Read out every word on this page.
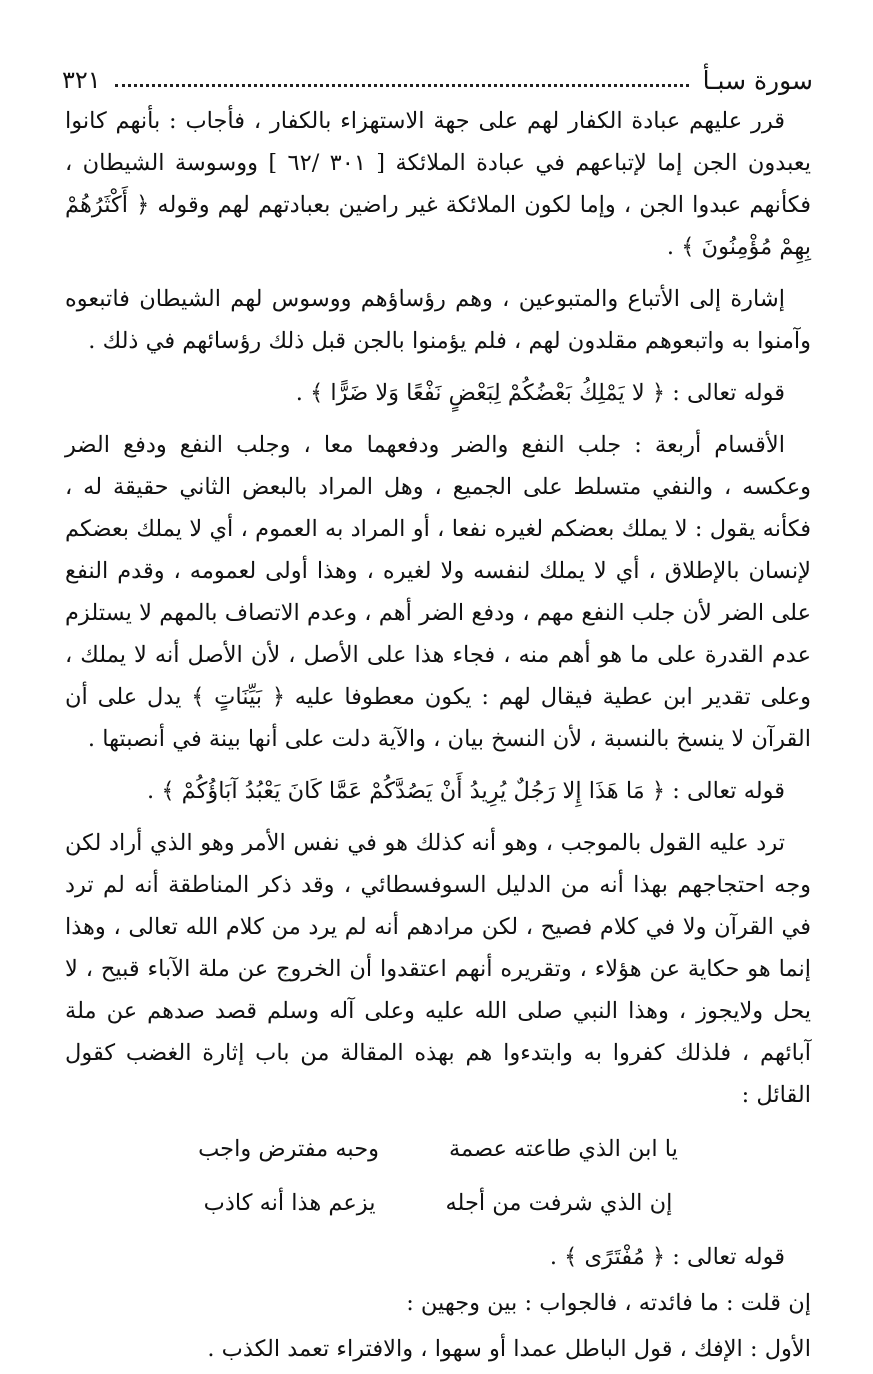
سورة سبـأ
٣٢١

قرر عليهم عبادة الكفار لهم على جهة الاستهزاء بالكفار ، فأجاب : بأنهم كانوا يعبدون الجن إما لإتباعهم في عبادة الملائكة [ ٣٠١ /٦٢ ] ووسوسة الشيطان ، فكأنهم عبدوا الجن ، وإما لكون الملائكة غير راضين بعبادتهم لهم وقوله ﴿ أَكْثَرُهُمْ بِهِمْ مُؤْمِنُونَ ﴾ .

إشارة إلى الأتباع والمتبوعين ، وهم رؤساؤهم ووسوس لهم الشيطان فاتبعوه وآمنوا به واتبعوهم مقلدون لهم ، فلم يؤمنوا بالجن قبل ذلك رؤسائهم في ذلك .

قوله تعالى : ﴿ لا يَمْلِكُ بَعْضُكُمْ لِبَعْضٍ نَفْعًا وَلا ضَرًّا ﴾ .

الأقسام أربعة : جلب النفع والضر ودفعهما معا ، وجلب النفع ودفع الضر وعكسه ، والنفي متسلط على الجميع ، وهل المراد بالبعض الثاني حقيقة له ، فكأنه يقول : لا يملك بعضكم لغيره نفعا ، أو المراد به العموم ، أي لا يملك بعضكم لإنسان بالإطلاق ، أي لا يملك لنفسه ولا لغيره ، وهذا أولى لعمومه ، وقدم النفع على الضر لأن جلب النفع مهم ، ودفع الضر أهم ، وعدم الاتصاف بالمهم لا يستلزم عدم القدرة على ما هو أهم منه ، فجاء هذا على الأصل ، لأن الأصل أنه لا يملك ، وعلى تقدير ابن عطية فيقال لهم : يكون معطوفا عليه ﴿ بَيِّنَاتٍ ﴾ يدل على أن القرآن لا ينسخ بالنسبة ، لأن النسخ بيان ، والآية دلت على أنها بينة في أنصبتها .

قوله تعالى : ﴿ مَا هَذَا إِلا رَجُلٌ يُرِيدُ أَنْ يَصُدَّكُمْ عَمَّا كَانَ يَعْبُدُ آبَاؤُكُمْ ﴾ .

ترد عليه القول بالموجب ، وهو أنه كذلك هو في نفس الأمر وهو الذي أراد لكن وجه احتجاجهم بهذا أنه من الدليل السوفسطائي ، وقد ذكر المناطقة أنه لم ترد في القرآن ولا في كلام فصيح ، لكن مرادهم أنه لم يرد من كلام الله تعالى ، وهذا إنما هو حكاية عن هؤلاء ، وتقريره أنهم اعتقدوا أن الخروج عن ملة الآباء قبيح ، لا يحل ولايجوز ، وهذا النبي صلى الله عليه وعلى آله وسلم قصد صدهم عن ملة آبائهم ، فلذلك كفروا به وابتدءوا هم بهذه المقالة من باب إثارة الغضب كقول القائل :

يا ابن الذي طاعته عصمة
وحبه مفترض واجب
إن الذي شرفت من أجله
يزعم هذا أنه كاذب

قوله تعالى : ﴿ مُفْتَرًى ﴾ .

إن قلت : ما فائدته ، فالجواب : بين وجهين :

الأول : الإفك ، قول الباطل عمدا أو سهوا ، والافتراء تعمد الكذب .
